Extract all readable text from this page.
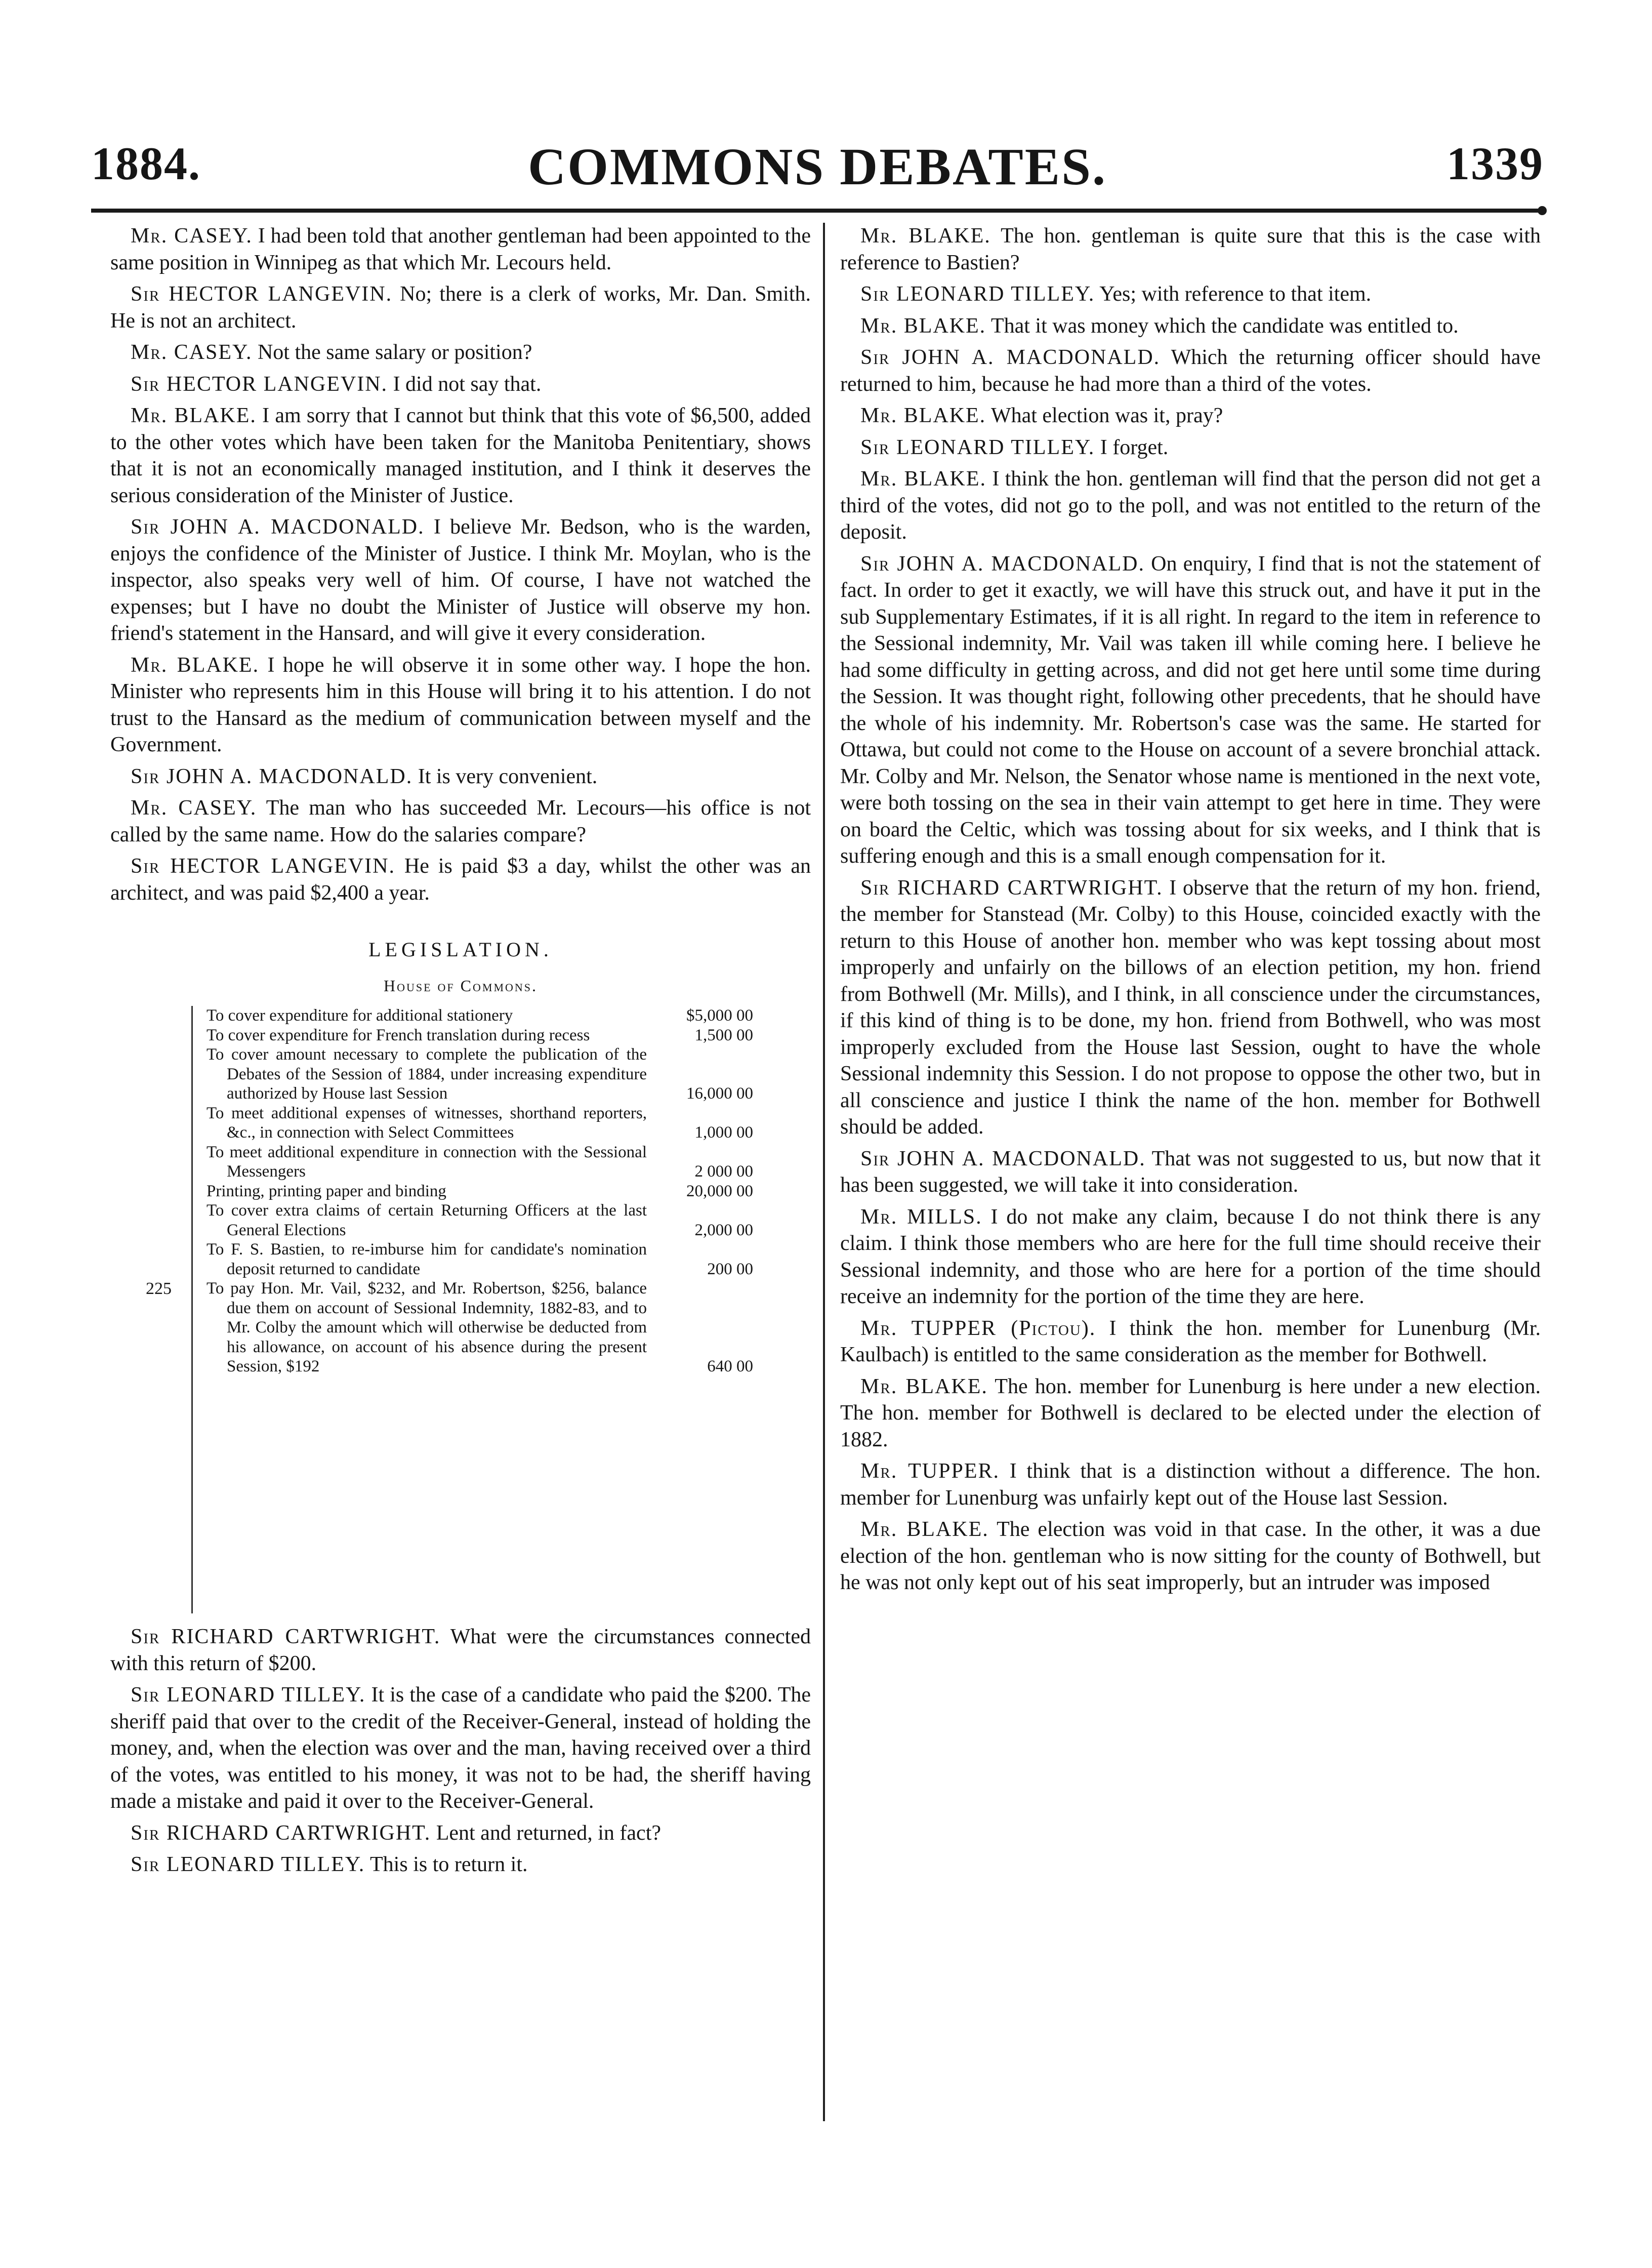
1884.	COMMONS DEBATES.	1339

Mr. CASEY. I had been told that another gentleman had been appointed to the same position in Winnipeg as that which Mr. Lecours held.

Sir HECTOR LANGEVIN. No; there is a clerk of works, Mr. Dan. Smith. He is not an architect.

Mr. CASEY. Not the same salary or position?

Sir HECTOR LANGEVIN. I did not say that.

Mr. BLAKE. I am sorry that I cannot but think that this vote of $6,500, added to the other votes which have been taken for the Manitoba Penitentiary, shows that it is not an economically managed institution, and I think it deserves the serious consideration of the Minister of Justice.

Sir JOHN A. MACDONALD. I believe Mr. Bedson, who is the warden, enjoys the confidence of the Minister of Justice. I think Mr. Moylan, who is the inspector, also speaks very well of him. Of course, I have not watched the expenses; but I have no doubt the Minister of Justice will observe my hon. friend's statement in the Hansard, and will give it every consideration.

Mr. BLAKE. I hope he will observe it in some other way. I hope the hon. Minister who represents him in this House will bring it to his attention. I do not trust to the Hansard as the medium of communication between myself and the Government.

Sir JOHN A. MACDONALD. It is very convenient.

Mr. CASEY. The man who has succeeded Mr. Lecours—his office is not called by the same name. How do the salaries compare?

Sir HECTOR LANGEVIN. He is paid $3 a day, whilst the other was an architect, and was paid $2,400 a year.

LEGISLATION.
House of Commons.
225
To cover expenditure for additional stationery	$5,000 00
To cover expenditure for French translation during recess	1,500 00
To cover amount necessary to complete the publication of the Debates of the Session of 1884, under increasing expenditure authorized by House last Session	16,000 00
To meet additional expenses of witnesses, shorthand reporters, &c., in connection with Select Committees	1,000 00
To meet additional expenditure in connection with the Sessional Messengers	2 000 00
Printing, printing paper and binding	20,000 00
To cover extra claims of certain Returning Officers at the last General Elections	2,000 00
To F. S. Bastien, to re-imburse him for candidate's nomination deposit returned to candidate	200 00
To pay Hon. Mr. Vail, $232, and Mr. Robertson, $256, balance due them on account of Sessional Indemnity, 1882-83, and to Mr. Colby the amount which will otherwise be deducted from his allowance, on account of his absence during the present Session, $192	640 00

Sir RICHARD CARTWRIGHT. What were the circumstances connected with this return of $200.

Sir LEONARD TILLEY. It is the case of a candidate who paid the $200. The sheriff paid that over to the credit of the Receiver-General, instead of holding the money, and, when the election was over and the man, having received over a third of the votes, was entitled to his money, it was not to be had, the sheriff having made a mistake and paid it over to the Receiver-General.

Sir RICHARD CARTWRIGHT. Lent and returned, in fact?

Sir LEONARD TILLEY. This is to return it.

Mr. BLAKE. The hon. gentleman is quite sure that this is the case with reference to Bastien?

Sir LEONARD TILLEY. Yes; with reference to that item.

Mr. BLAKE. That it was money which the candidate was entitled to.

Sir JOHN A. MACDONALD. Which the returning officer should have returned to him, because he had more than a third of the votes.

Mr. BLAKE. What election was it, pray?

Sir LEONARD TILLEY. I forget.

Mr. BLAKE. I think the hon. gentleman will find that the person did not get a third of the votes, did not go to the poll, and was not entitled to the return of the deposit.

Sir JOHN A. MACDONALD. On enquiry, I find that is not the statement of fact. In order to get it exactly, we will have this struck out, and have it put in the sub Supplementary Estimates, if it is all right. In regard to the item in reference to the Sessional indemnity, Mr. Vail was taken ill while coming here. I believe he had some difficulty in getting across, and did not get here until some time during the Session. It was thought right, following other precedents, that he should have the whole of his indemnity. Mr. Robertson's case was the same. He started for Ottawa, but could not come to the House on account of a severe bronchial attack. Mr. Colby and Mr. Nelson, the Senator whose name is mentioned in the next vote, were both tossing on the sea in their vain attempt to get here in time. They were on board the Celtic, which was tossing about for six weeks, and I think that is suffering enough and this is a small enough compensation for it.

Sir RICHARD CARTWRIGHT. I observe that the return of my hon. friend, the member for Stanstead (Mr. Colby) to this House, coincided exactly with the return to this House of another hon. member who was kept tossing about most improperly and unfairly on the billows of an election petition, my hon. friend from Bothwell (Mr. Mills), and I think, in all conscience under the circumstances, if this kind of thing is to be done, my hon. friend from Bothwell, who was most improperly excluded from the House last Session, ought to have the whole Sessional indemnity this Session. I do not propose to oppose the other two, but in all conscience and justice I think the name of the hon. member for Bothwell should be added.

Sir JOHN A. MACDONALD. That was not suggested to us, but now that it has been suggested, we will take it into consideration.

Mr. MILLS. I do not make any claim, because I do not think there is any claim. I think those members who are here for the full time should receive their Sessional indemnity, and those who are here for a portion of the time should receive an indemnity for the portion of the time they are here.

Mr. TUPPER (Pictou). I think the hon. member for Lunenburg (Mr. Kaulbach) is entitled to the same consideration as the member for Bothwell.

Mr. BLAKE. The hon. member for Lunenburg is here under a new election. The hon. member for Bothwell is declared to be elected under the election of 1882.

Mr. TUPPER. I think that is a distinction without a difference. The hon. member for Lunenburg was unfairly kept out of the House last Session.

Mr. BLAKE. The election was void in that case. In the other, it was a due election of the hon. gentleman who is now sitting for the county of Bothwell, but he was not only kept out of his seat improperly, but an intruder was imposed
